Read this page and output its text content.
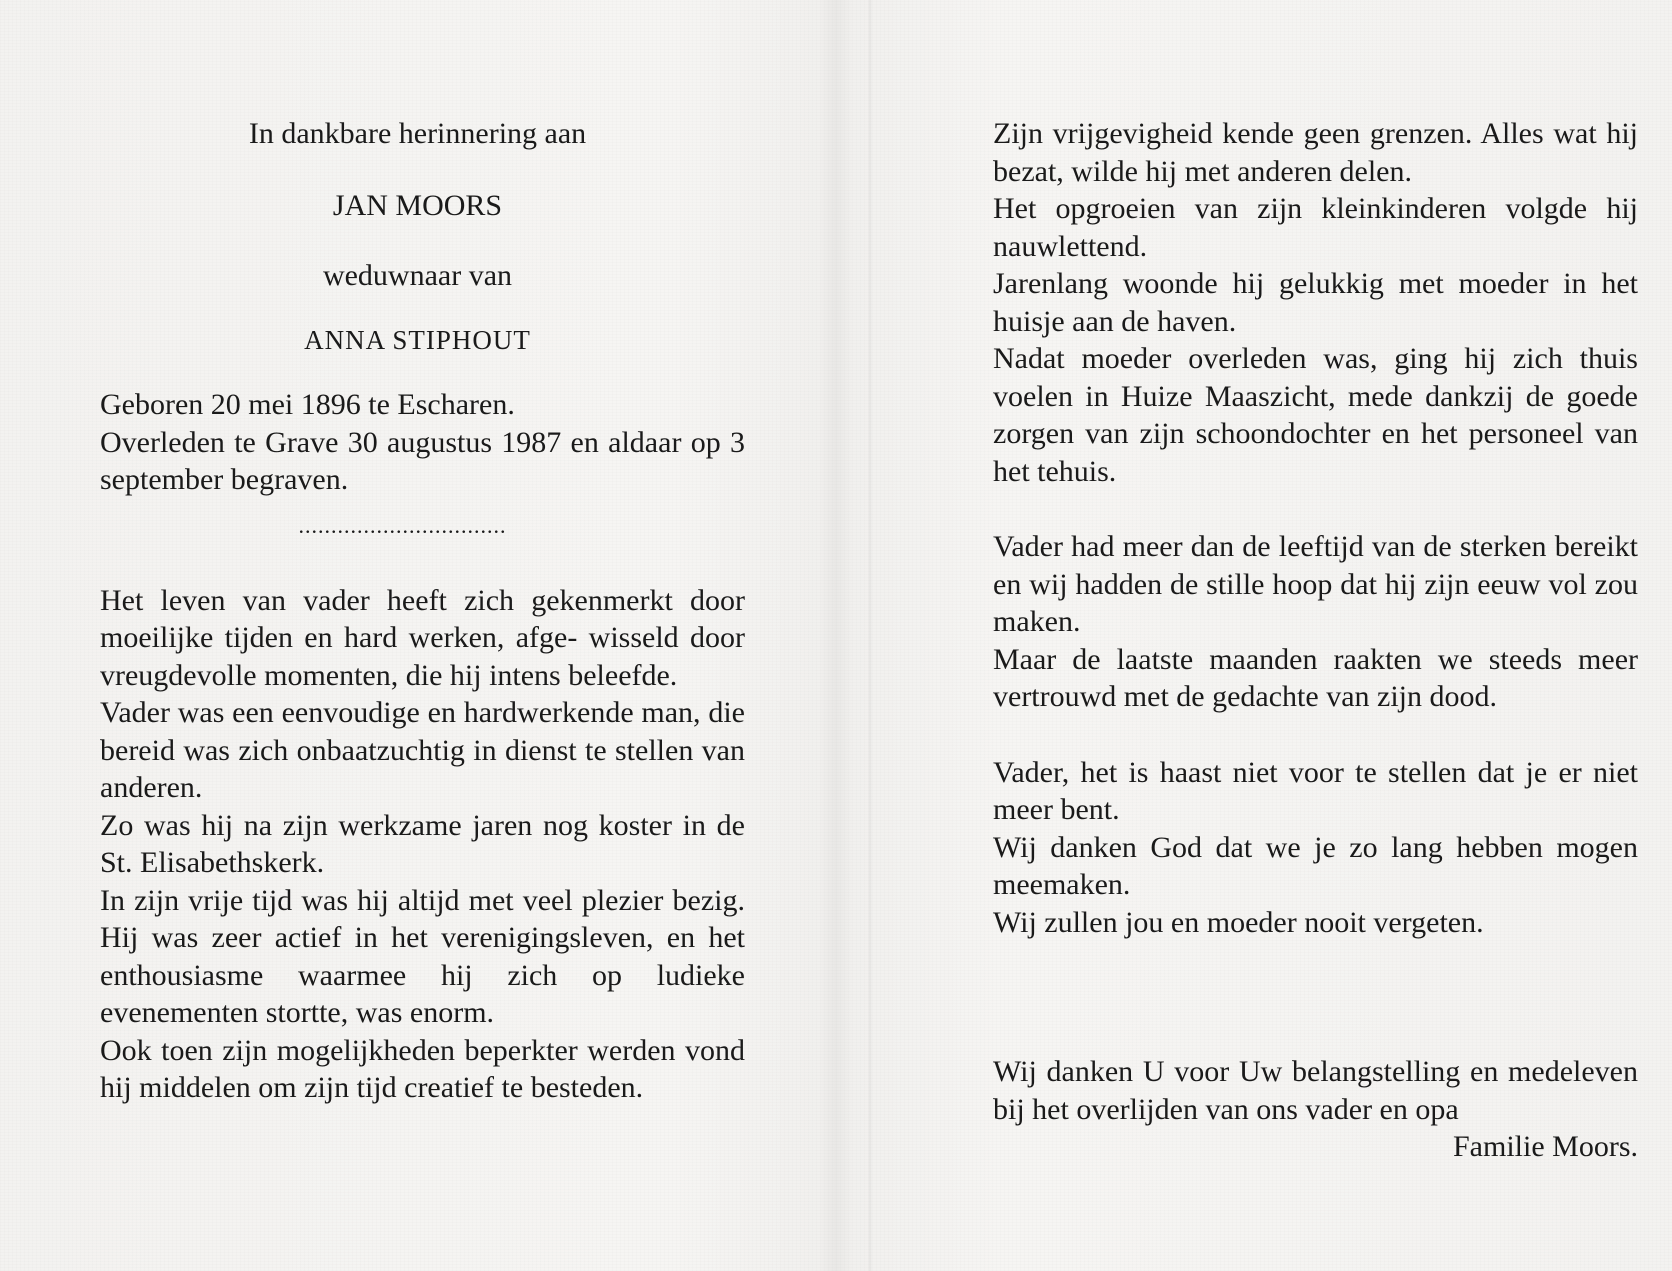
In dankbare herinnering aan
JAN MOORS
weduwnaar van
ANNA STIPHOUT

Geboren 20 mei 1896 te Escharen.

Overleden te Grave 30 augustus 1987 en aldaar op 3 september begraven.

................................

Het leven van vader heeft zich gekenmerkt door moeilijke tijden en hard werken, afge- wisseld door vreugdevolle momenten, die hij intens beleefde.

Vader was een eenvoudige en hardwerkende man, die bereid was zich onbaatzuchtig in dienst te stellen van anderen.

Zo was hij na zijn werkzame jaren nog koster in de St. Elisabethskerk.

In zijn vrije tijd was hij altijd met veel plezier bezig. Hij was zeer actief in het verenigingsleven, en het enthousiasme waarmee hij zich op ludieke evenementen stortte, was enorm.

Ook toen zijn mogelijkheden beperkter werden vond hij middelen om zijn tijd creatief te besteden.

Zijn vrijgevigheid kende geen grenzen. Alles wat hij bezat, wilde hij met anderen delen.

Het opgroeien van zijn kleinkinderen volgde hij nauwlettend.

Jarenlang woonde hij gelukkig met moeder in het huisje aan de haven.

Nadat moeder overleden was, ging hij zich thuis voelen in Huize Maaszicht, mede dankzij de goede zorgen van zijn schoondochter en het personeel van het tehuis.

Vader had meer dan de leeftijd van de sterken bereikt en wij hadden de stille hoop dat hij zijn eeuw vol zou maken.

Maar de laatste maanden raakten we steeds meer vertrouwd met de gedachte van zijn dood.

Vader, het is haast niet voor te stellen dat je er niet meer bent.

Wij danken God dat we je zo lang hebben mogen meemaken.

Wij zullen jou en moeder nooit vergeten.

Wij danken U voor Uw belangstelling en medeleven bij het overlijden van ons vader en opa

Familie Moors.
